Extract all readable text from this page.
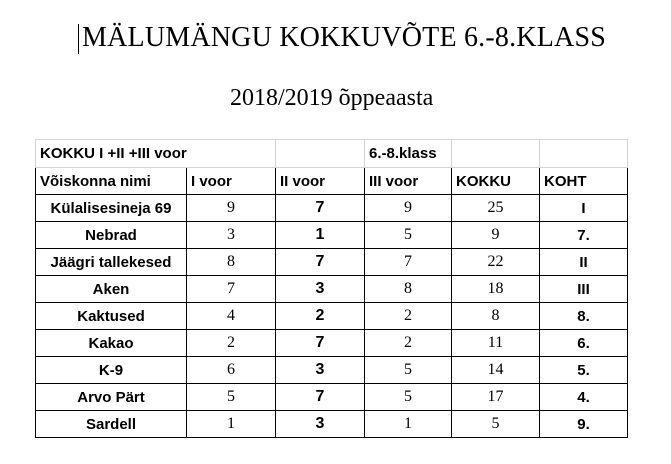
MÄLUMÄNGU KOKKUVÕTE 6.-8.KLASS
2018/2019 õppeaasta
KOKKU I +II +III voor			6.-8.klass		
Võiskonna nimi	I voor	II voor	III voor	KOKKU	KOHT
Külalisesineja 69	9	7	9	25	I
Nebrad	3	1	5	9	7.
Jäägri tallekesed	8	7	7	22	II
Aken	7	3	8	18	III
Kaktused	4	2	2	8	8.
Kakao	2	7	2	11	6.
K-9	6	3	5	14	5.
Arvo Pärt	5	7	5	17	4.
Sardell	1	3	1	5	9.
